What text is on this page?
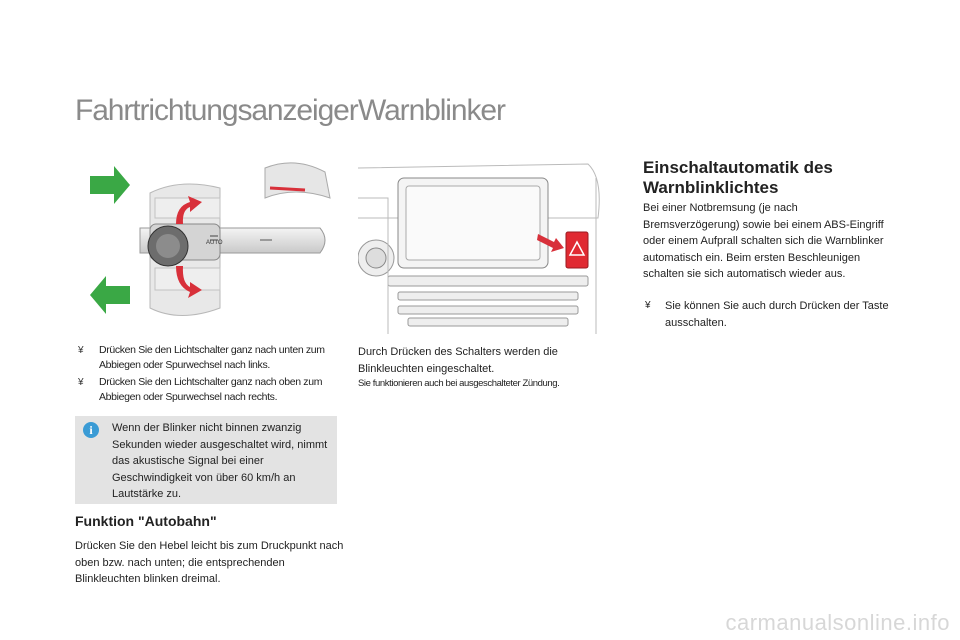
Fahrtrichtungsanzeiger Warnblinker
AUTO
¥ Drücken Sie den Lichtschalter ganz nach unten zum Abbiegen oder Spurwechsel nach links.
¥ Drücken Sie den Lichtschalter ganz nach oben zum Abbiegen oder Spurwechsel nach rechts.
i	Wenn der Blinker nicht binnen zwanzig Sekunden wieder ausgeschaltet wird, nimmt das akustische Signal bei einer Geschwindigkeit von über 60 km/h an Lautstärke zu.
Funktion "Autobahn"

Drücken Sie den Hebel leicht bis zum Druckpunkt nach oben bzw. nach unten; die entsprechenden Blinkleuchten blinken dreimal.

Durch Drücken des Schalters werden die Blinkleuchten eingeschaltet.

Sie funktionieren auch bei ausgeschalteter Zündung.

Einschaltautomatik des Warnblinklichtes

Bei einer Notbremsung (je nach Bremsverzögerung) sowie bei einem ABS-Eingriff oder einem Aufprall schalten sich die Warnblinker automatisch ein. Beim ersten Beschleunigen schalten sie sich automatisch wieder aus.

¥ Sie können Sie auch durch Drücken der Taste ausschalten.
carmanualsonline.info
